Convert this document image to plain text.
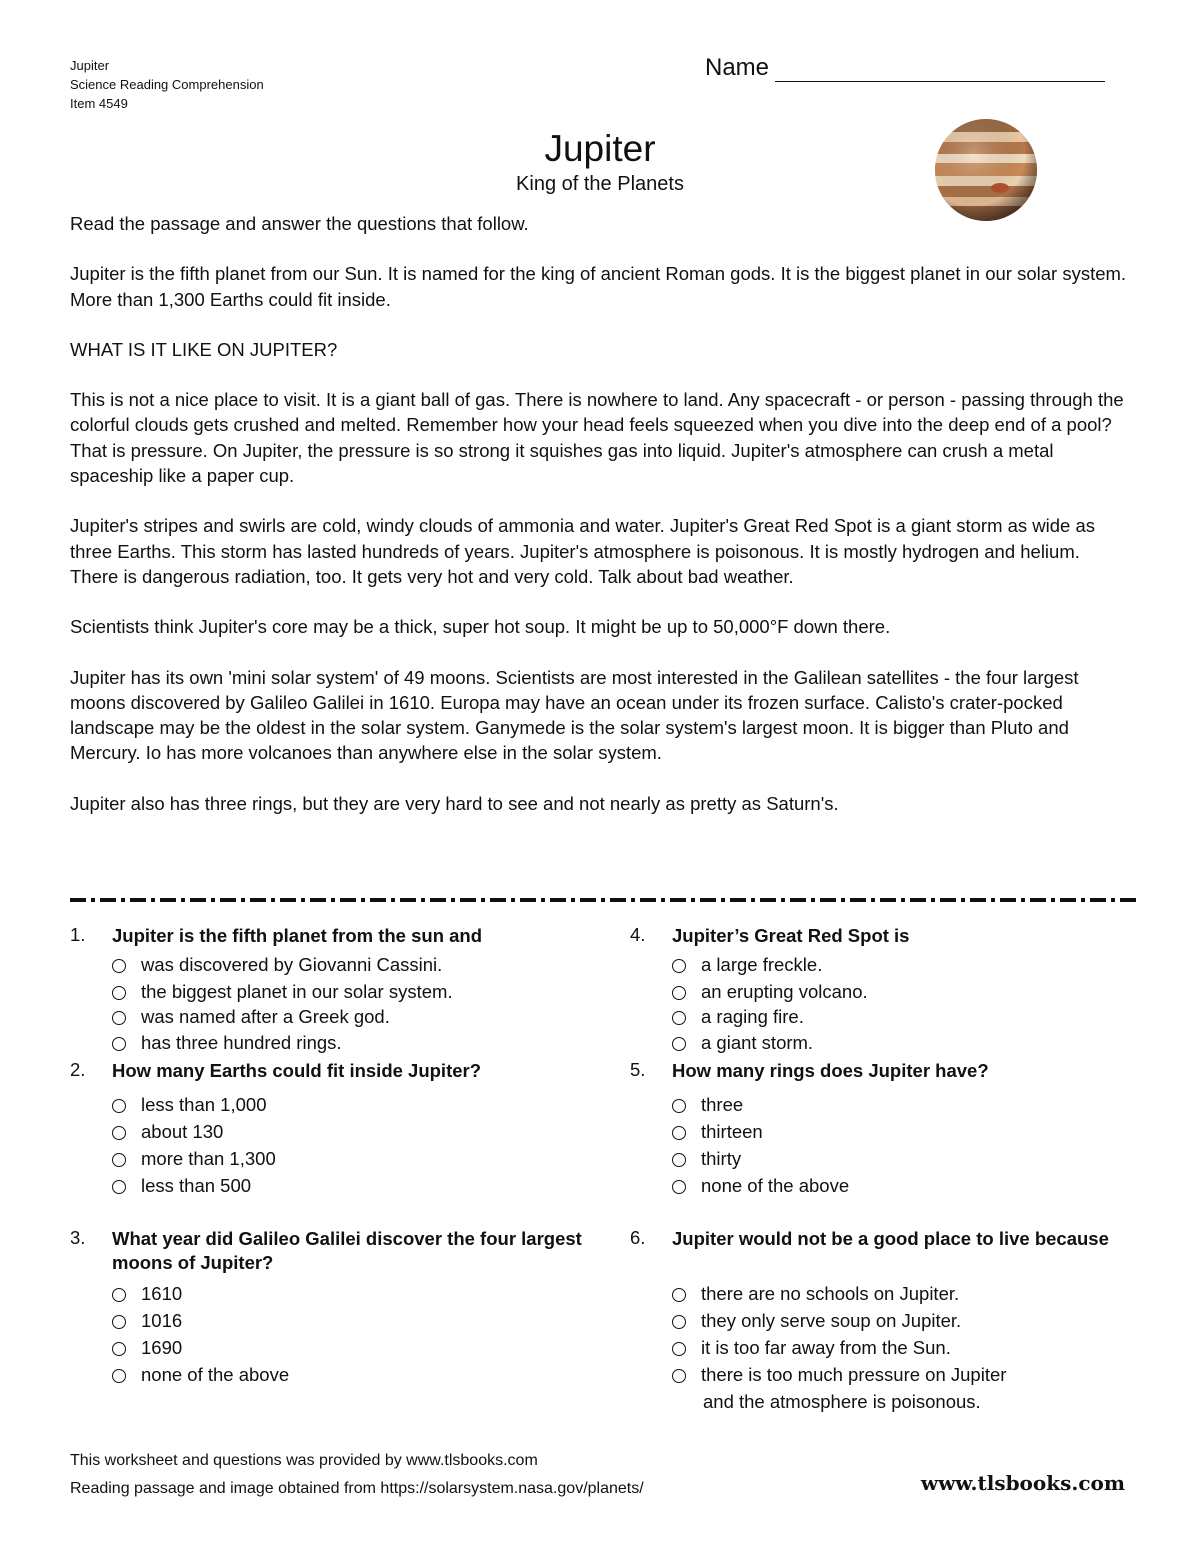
Jupiter
Science Reading Comprehension
Item 4549
Name
Jupiter
King of the Planets

Read the passage and answer the questions that follow.

Jupiter is the fifth planet from our Sun. It is named for the king of ancient Roman gods. It is the biggest planet in our solar system. More than 1,300 Earths could fit inside.

WHAT IS IT LIKE ON JUPITER?

This is not a nice place to visit. It is a giant ball of gas. There is nowhere to land. Any spacecraft - or person - passing through the colorful clouds gets crushed and melted. Remember how your head feels squeezed when you dive into the deep end of a pool? That is pressure. On Jupiter, the pressure is so strong it squishes gas into liquid. Jupiter's atmosphere can crush a metal spaceship like a paper cup.

Jupiter's stripes and swirls are cold, windy clouds of ammonia and water. Jupiter's Great Red Spot is a giant storm as wide as three Earths. This storm has lasted hundreds of years. Jupiter's atmosphere is poisonous. It is mostly hydrogen and helium. There is dangerous radiation, too. It gets very hot and very cold. Talk about bad weather.

Scientists think Jupiter's core may be a thick, super hot soup. It might be up to 50,000°F down there.

Jupiter has its own 'mini solar system' of 49 moons. Scientists are most interested in the Galilean satellites - the four largest moons discovered by Galileo Galilei in 1610. Europa may have an ocean under its frozen surface. Calisto's crater-pocked landscape may be the oldest in the solar system. Ganymede is the solar system's largest moon. It is bigger than Pluto and Mercury. Io has more volcanoes than anywhere else in the solar system.

Jupiter also has three rings, but they are very hard to see and not nearly as pretty as Saturn's.

1. Jupiter is the fifth planet from the sun and
was discovered by Giovanni Cassini.
the biggest planet in our solar system.
was named after a Greek god.
has three hundred rings.
2. How many Earths could fit inside Jupiter?
less than 1,000
about 130
more than 1,300
less than 500
3. What year did Galileo Galilei discover the four largest moons of Jupiter?
1610
1016
1690
none of the above
4. Jupiter’s Great Red Spot is
a large freckle.
an erupting volcano.
a raging fire.
a giant storm.
5. How many rings does Jupiter have?
three
thirteen
thirty
none of the above
6. Jupiter would not be a good place to live because
there are no schools on Jupiter.
they only serve soup on Jupiter.
it is too far away from the Sun.
there is too much pressure on Jupiter
and the atmosphere is poisonous.
This worksheet and questions was provided by www.tlsbooks.com
Reading passage and image obtained from https://solarsystem.nasa.gov/planets/	www.tlsbooks.com
